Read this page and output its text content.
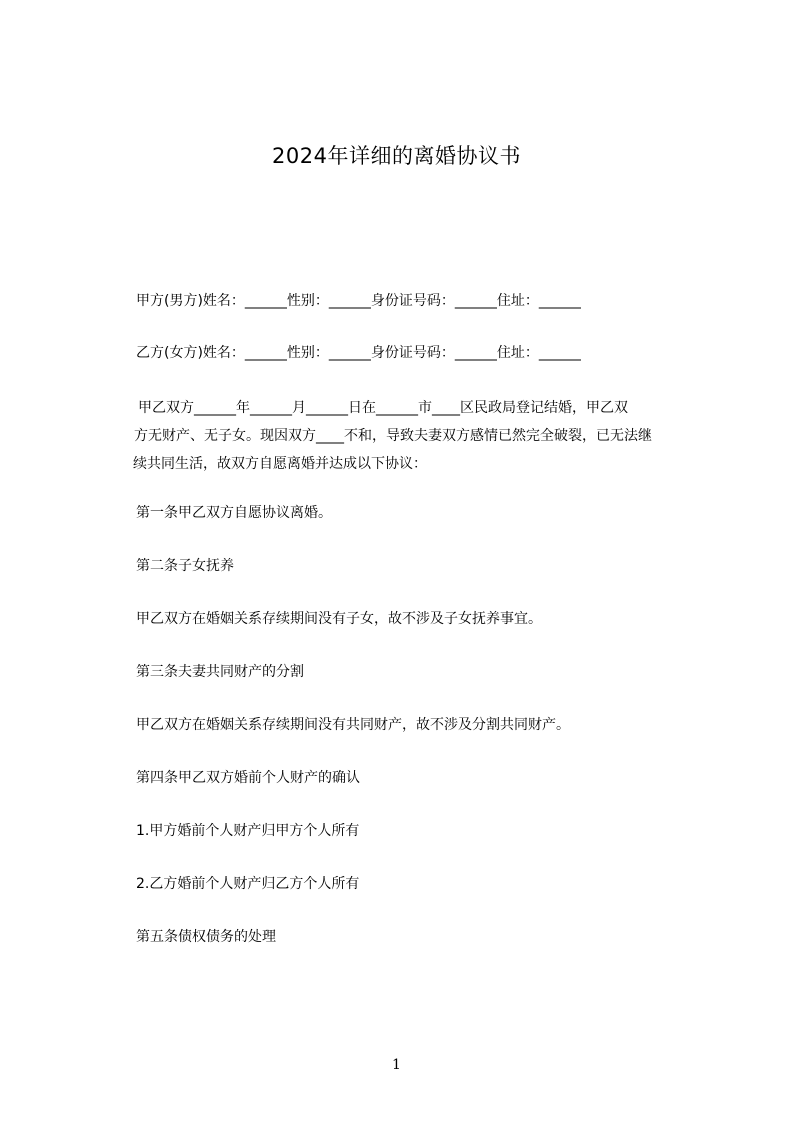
2024年详细的离婚协议书
甲方(男方)姓名：______性别：______身份证号码：______住址：______
乙方(女方)姓名：______性别：______身份证号码：______住址：______
甲乙双方______年______月______日在______市____区民政局登记结婚，甲乙双
方无财产、无子女。现因双方____不和，导致夫妻双方感情已然完全破裂，已无法继
续共同生活，故双方自愿离婚并达成以下协议：
第一条甲乙双方自愿协议离婚。
第二条子女抚养
甲乙双方在婚姻关系存续期间没有子女，故不涉及子女抚养事宜。
第三条夫妻共同财产的分割
甲乙双方在婚姻关系存续期间没有共同财产，故不涉及分割共同财产。
第四条甲乙双方婚前个人财产的确认
1.甲方婚前个人财产归甲方个人所有
2.乙方婚前个人财产归乙方个人所有
第五条债权债务的处理
1
